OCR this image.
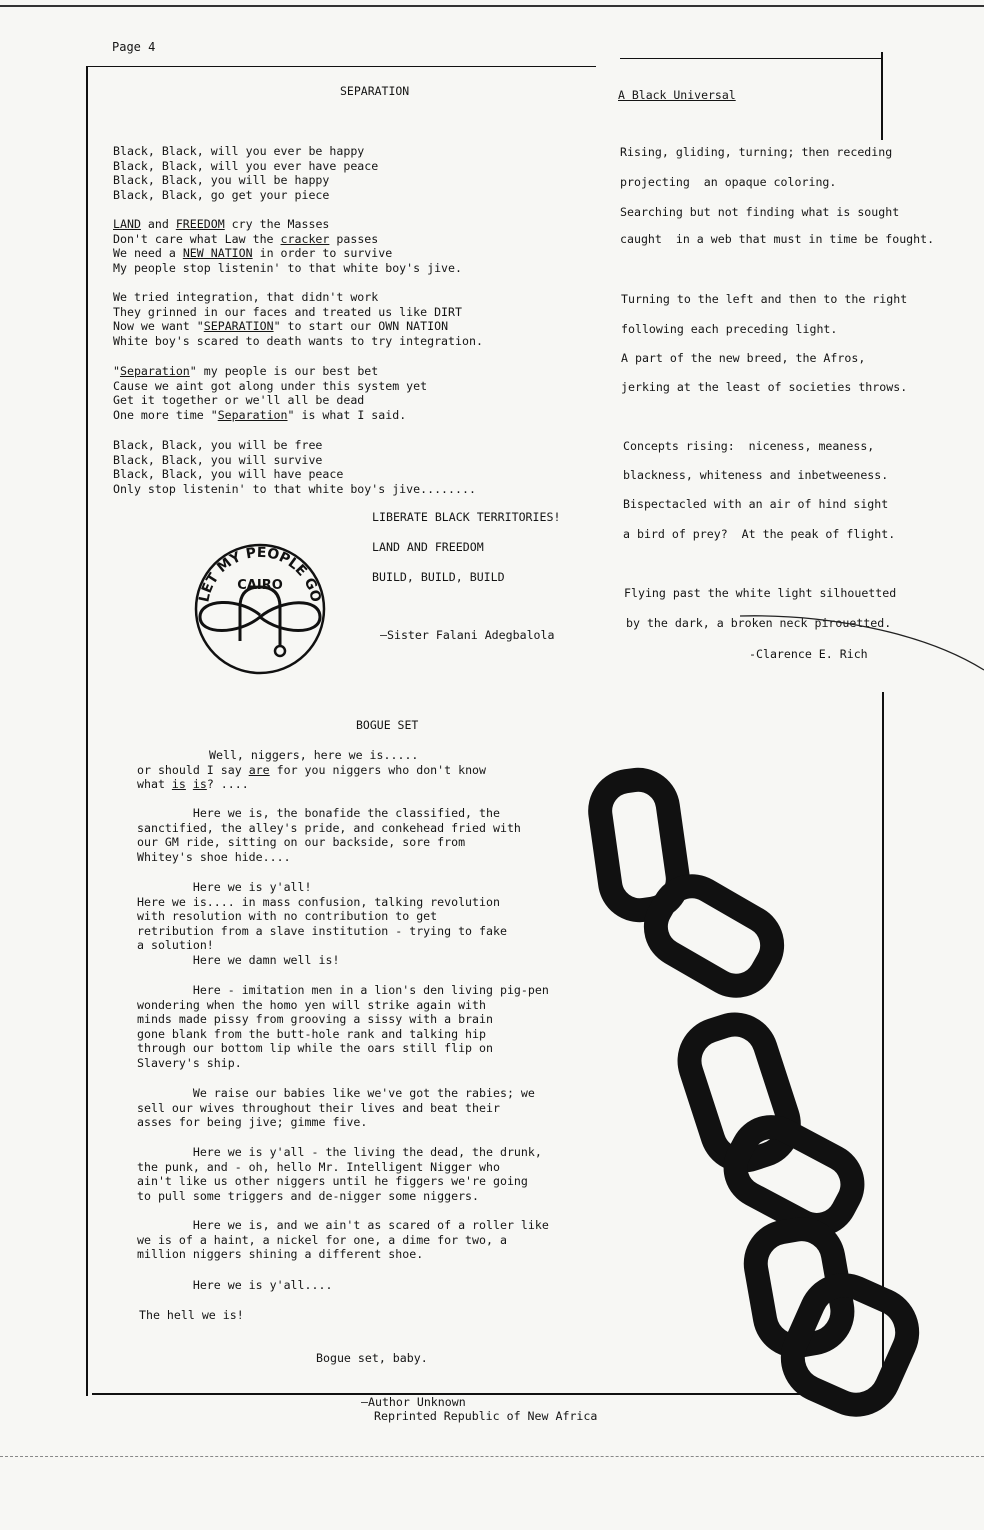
Page 4
SEPARATION
Black, Black, will you ever be happy
Black, Black, will you ever have peace
Black, Black, you will be happy
Black, Black, go get your piece
LAND and FREEDOM cry the Masses
Don't care what Law the cracker passes
We need a NEW NATION in order to survive
My people stop listenin' to that white boy's jive.
We tried integration, that didn't work
They grinned in our faces and treated us like DIRT
Now we want "SEPARATION" to start our OWN NATION
White boy's scared to death wants to try integration.
"Separation" my people is our best bet
Cause we aint got along under this system yet
Get it together or we'll all be dead
One more time "Separation" is what I said.
Black, Black, you will be free
Black, Black, you will survive
Black, Black, you will have peace
Only stop listenin' to that white boy's jive........
LIBERATE BLACK TERRITORIES!
LAND AND FREEDOM
BUILD, BUILD, BUILD
—Sister Falani Adegbalola
LET MY PEOPLE GO
CAIRO
A Black Universal
Rising, gliding, turning; then receding
projecting  an opaque coloring.
Searching but not finding what is sought
caught  in a web that must in time be fought.
Turning to the left and then to the right
following each preceding light.
A part of the new breed, the Afros,
jerking at the least of societies throws.
Concepts rising:  niceness, meaness,
blackness, whiteness and inbetweeness.
Bispectacled with an air of hind sight
a bird of prey?  At the peak of flight.
Flying past the white light silhouetted
by the dark, a broken neck pirouetted.
-Clarence E. Rich
BOGUE SET
Well, niggers, here we is.....
or should I say are for you niggers who don't know
what is is? ....
Here we is, the bonafide the classified, the
sanctified, the alley's pride, and conkehead fried with
our GM ride, sitting on our backside, sore from
Whitey's shoe hide....
Here we is y'all!
Here we is.... in mass confusion, talking revolution
with resolution with no contribution to get
retribution from a slave institution - trying to fake
a solution!
Here we damn well is!
Here - imitation men in a lion's den living pig-pen
wondering when the homo yen will strike again with
minds made pissy from grooving a sissy with a brain
gone blank from the butt-hole rank and talking hip
through our bottom lip while the oars still flip on
Slavery's ship.
We raise our babies like we've got the rabies; we
sell our wives throughout their lives and beat their
asses for being jive; gimme five.
Here we is y'all - the living the dead, the drunk,
the punk, and - oh, hello Mr. Intelligent Nigger who
ain't like us other niggers until he figgers we're going
to pull some triggers and de-nigger some niggers.
Here we is, and we ain't as scared of a roller like
we is of a haint, a nickel for one, a dime for two, a
million niggers shining a different shoe.
Here we is y'all....
The hell we is!
Bogue set, baby.
—Author Unknown
Reprinted Republic of New Africa
